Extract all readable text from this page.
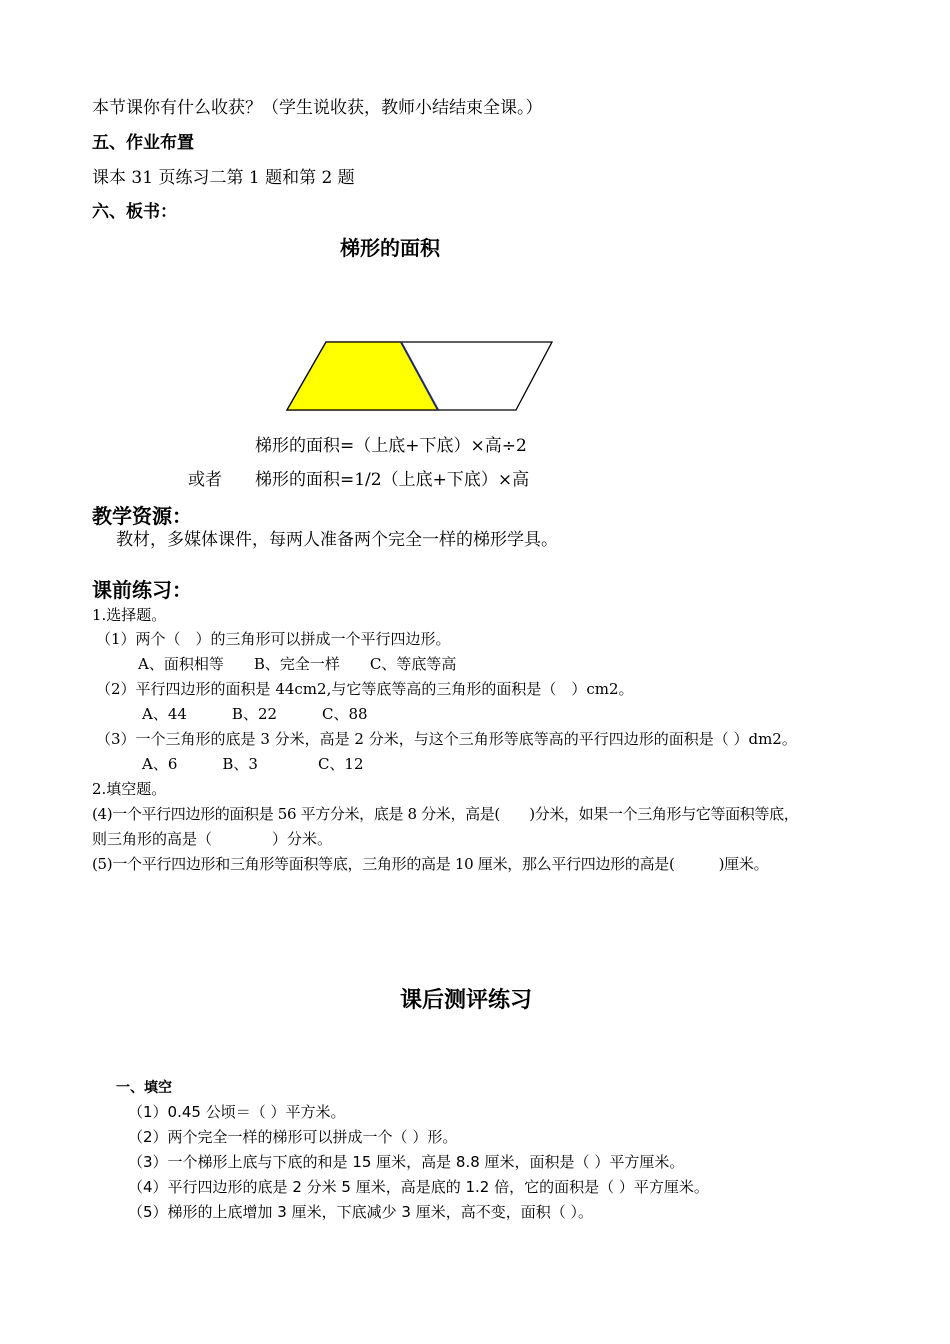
本节课你有什么收获？（学生说收获，教师小结结束全课。）
五、作业布置
课本 31 页练习二第 1 题和第 2 题
六、板书：
梯形的面积
梯形的面积=（上底+下底）×高÷2
或者 梯形的面积=1/2（上底+下底）×高
教学资源：
教材，多媒体课件，每两人准备两个完全一样的梯形学具。
课前练习：
1.选择题。
（1）两个（　）的三角形可以拼成一个平行四边形。
A、面积相等　　B、完全一样　　C、等底等高
（2）平行四边形的面积是 44cm2,与它等底等高的三角形的面积是（　）cm2。
A、44　　　B、22　　　C、88
（3）一个三角形的底是 3 分米，高是 2 分米，与这个三角形等底等高的平行四边形的面积是（ ）dm2。
A、6　　　B、3　　　　C、12
2.填空题。
(4)一个平行四边形的面积是 56 平方分米，底是 8 分米，高是(　　)分米，如果一个三角形与它等面积等底，
则三角形的高是（　　　　）分米。
(5)一个平行四边形和三角形等面积等底，三角形的高是 10 厘米，那么平行四边形的高是(　　　)厘米。
课后测评练习
一、填空
（1）0.45 公顷＝（ ）平方米。
（2）两个完全一样的梯形可以拼成一个（ ）形。
（3）一个梯形上底与下底的和是 15 厘米，高是 8.8 厘米，面积是（ ）平方厘米。
（4）平行四边形的底是 2 分米 5 厘米，高是底的 1.2 倍，它的面积是（ ）平方厘米。
（5）梯形的上底增加 3 厘米，下底减少 3 厘米，高不变，面积（ ）。
